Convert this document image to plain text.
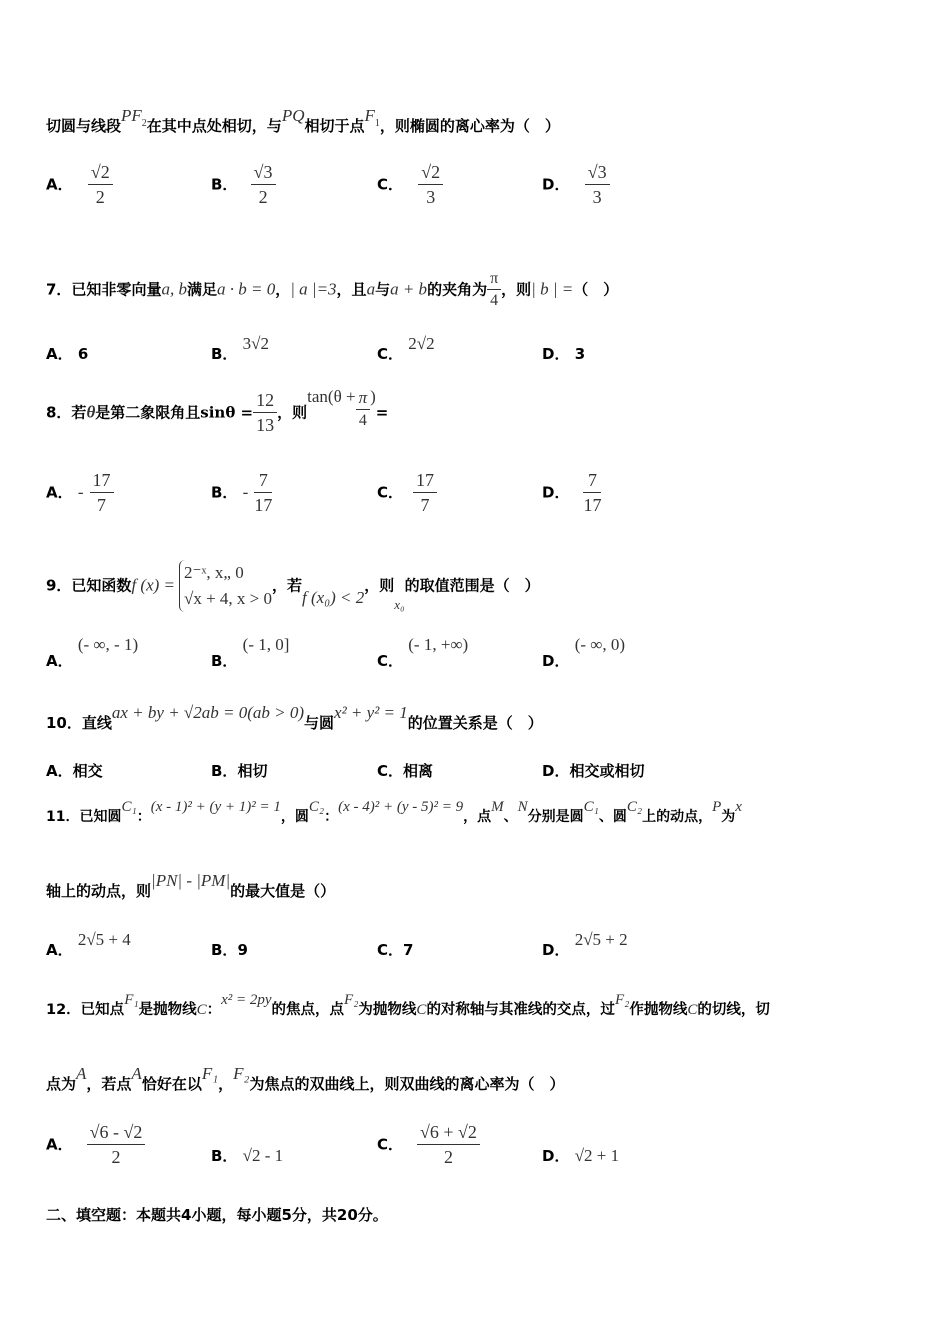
切圆与线段$PF_2$在其中点处相切，与PQ相切于点$F_1$，则椭圆的离心率为（　）
A． $\frac{√2}{2}$	B． $\frac{√3}{2}$	C． $\frac{√2}{3}$	D． $\frac{√3}{3}$
7．已知非零向量a, b满足a · b = 0，| a |=3，且a与a + b的夹角为 $\frac{\pi}{4}$ ，则| b | =（　）
A． 6	B． 3√2
C． 2√2
D． 3
8．若θ是第二象限角且$\sin\theta = \frac{12}{13}$ ，则$\tan(\theta + \frac{\pi}{4}$ )=
A． - $\frac{17}{7}$	B． - $\frac{7}{17}$	C． $\frac{17}{7}$	D． $\frac{7}{17}$
9．已知函数f (x) =
2⁻ˣ, x„ 0
√x + 4, x > 0
，若f (x₀) < 2，则x₀的取值范围是（　）
A． (- ∞, - 1)
B． (- 1, 0]
C． (- 1, +∞)
D． (- ∞, 0)
10．直线ax + by + √2ab = 0(ab > 0)与圆x² + y² = 1的位置关系是（　）
A．相交	B．相切	C．相离	D．相交或相切
11．已知圆C₁：(x - 1)² + (y + 1)² = 1，圆C₂：(x - 4)² + (y - 5)² = 9，点M、N分别是圆C₁、圆C₂上的动点，P为x
轴上的动点，则|PN| - |PM|的最大值是（）
A． 2√5 + 4
B．9	C．7	D． 2√5 + 2
12．已知点F₁是抛物线C：x² = 2py的焦点，点F₂为抛物线C的对称轴与其准线的交点，过F₂作抛物线C的切线，切
点为A，若点A恰好在以F₁，F₂为焦点的双曲线上，则双曲线的离心率为（　）
A． $\frac{√6 - √2}{2}$	B． √2 - 1
C． $\frac{√6 + √2}{2}$	D． √2 + 1
二、填空题：本题共4小题，每小题5分，共20分。
